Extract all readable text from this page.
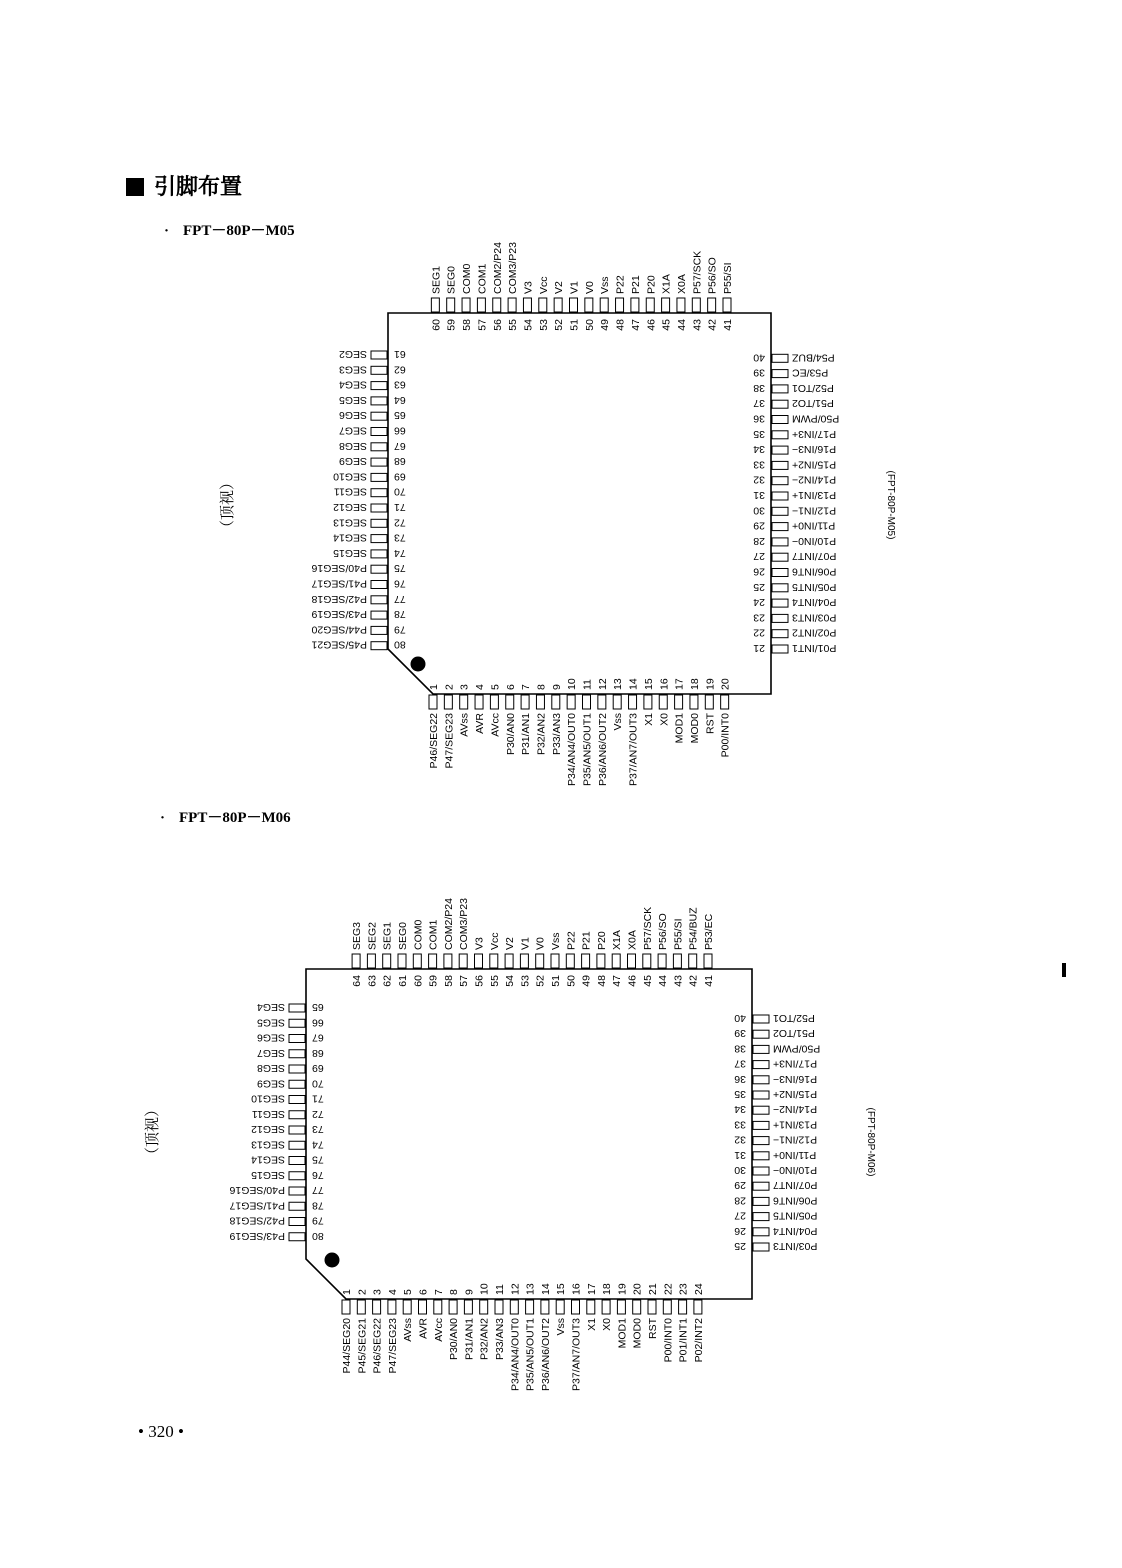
引脚布置
· FPT－80P－M05
· FPT－80P－M06
1
P46/SEG22
2
P47/SEG23
3
AVss
4
AVR
5
AVcc
6
P30/AN0
7
P31/AN1
8
P32/AN2
9
P33/AN3
10
P34/AN4/OUT0
11
P35/AN5/OUT1
12
P36/AN6/OUT2
13
Vss
14
P37/AN7/OUT3
15
X1
16
X0
17
MOD1
18
MOD0
19
RST
20
P00/INT0
21	P01/INT1
22	P02/INT2
23	P03/INT3
24	P04/INT4
25	P05/INT5
26	P06/INT6
27	P07/INT7
28	P10/IN0−
29	P11/IN0+
30	P12/IN1−
31	P13/IN1+
32	P14/IN2−
33	P15/IN2+
34	P16/IN3−
35	P17/IN3+
36	P50/PWM
37	P51/TO2
38	P52/TO1
39	P53/EC
40	P54/BUZ
41
P55/SI
42
P56/SO
43
P57/SCK
44
X0A
45
X1A
46
P20
47
P21
48
P22
49
Vss
50
V0
51
V1
52
V2
53
Vcc
54
V3
55
COM3/P23
56
COM2/P24
57
COM1
58
COM0
59
SEG0
60
SEG1
61
SEG2
62
SEG3
63
SEG4
64
SEG5
65
SEG6
66
SEG7
67
SEG8
68
SEG9
69
SEG10
70
SEG11
71
SEG12
72
SEG13
73
SEG14
74
SEG15
75
P40/SEG16
76
P41/SEG17
77
P42/SEG18
78
P43/SEG19
79
P44/SEG20
80
P45/SEG21
（顶视）	(FPT-80P-M05)
1
P44/SEG20
2
P45/SEG21
3
P46/SEG22
4
P47/SEG23
5
AVss
6
AVR
7
AVcc
8
P30/AN0
9
P31/AN1
10
P32/AN2
11
P33/AN3
12
P34/AN4/OUT0
13
P35/AN5/OUT1
14
P36/AN6/OUT2
15
Vss
16
P37/AN7/OUT3
17
X1
18
X0
19
MOD1
20
MOD0
21
RST
22
P00/INT0
23
P01/INT1
24
P02/INT2
25	P03/INT3
26	P04/INT4
27	P05/INT5
28	P06/INT6
29	P07/INT7
30	P10/IN0−
31	P11/IN0+
32	P12/IN1−
33	P13/IN1+
34	P14/IN2−
35	P15/IN2+
36	P16/IN3−
37	P17/IN3+
38	P50/PWM
39	P51/TO2
40	P52/TO1
41
P53/EC
42
P54/BUZ
43
P55/SI
44
P56/SO
45
P57/SCK
46
X0A
47
X1A
48
P20
49
P21
50
P22
51
Vss
52
V0
53
V1
54
V2
55
Vcc
56
V3
57
COM3/P23
58
COM2/P24
59
COM1
60
COM0
61
SEG0
62
SEG1
63
SEG2
64
SEG3
65
SEG4
66
SEG5
67
SEG6
68
SEG7
69
SEG8
70
SEG9
71
SEG10
72
SEG11
73
SEG12
74
SEG13
75
SEG14
76
SEG15
77
P40/SEG16
78
P41/SEG17
79
P42/SEG18
80
P43/SEG19
（顶视）	(FPT-80P-M06)
• 320 •
